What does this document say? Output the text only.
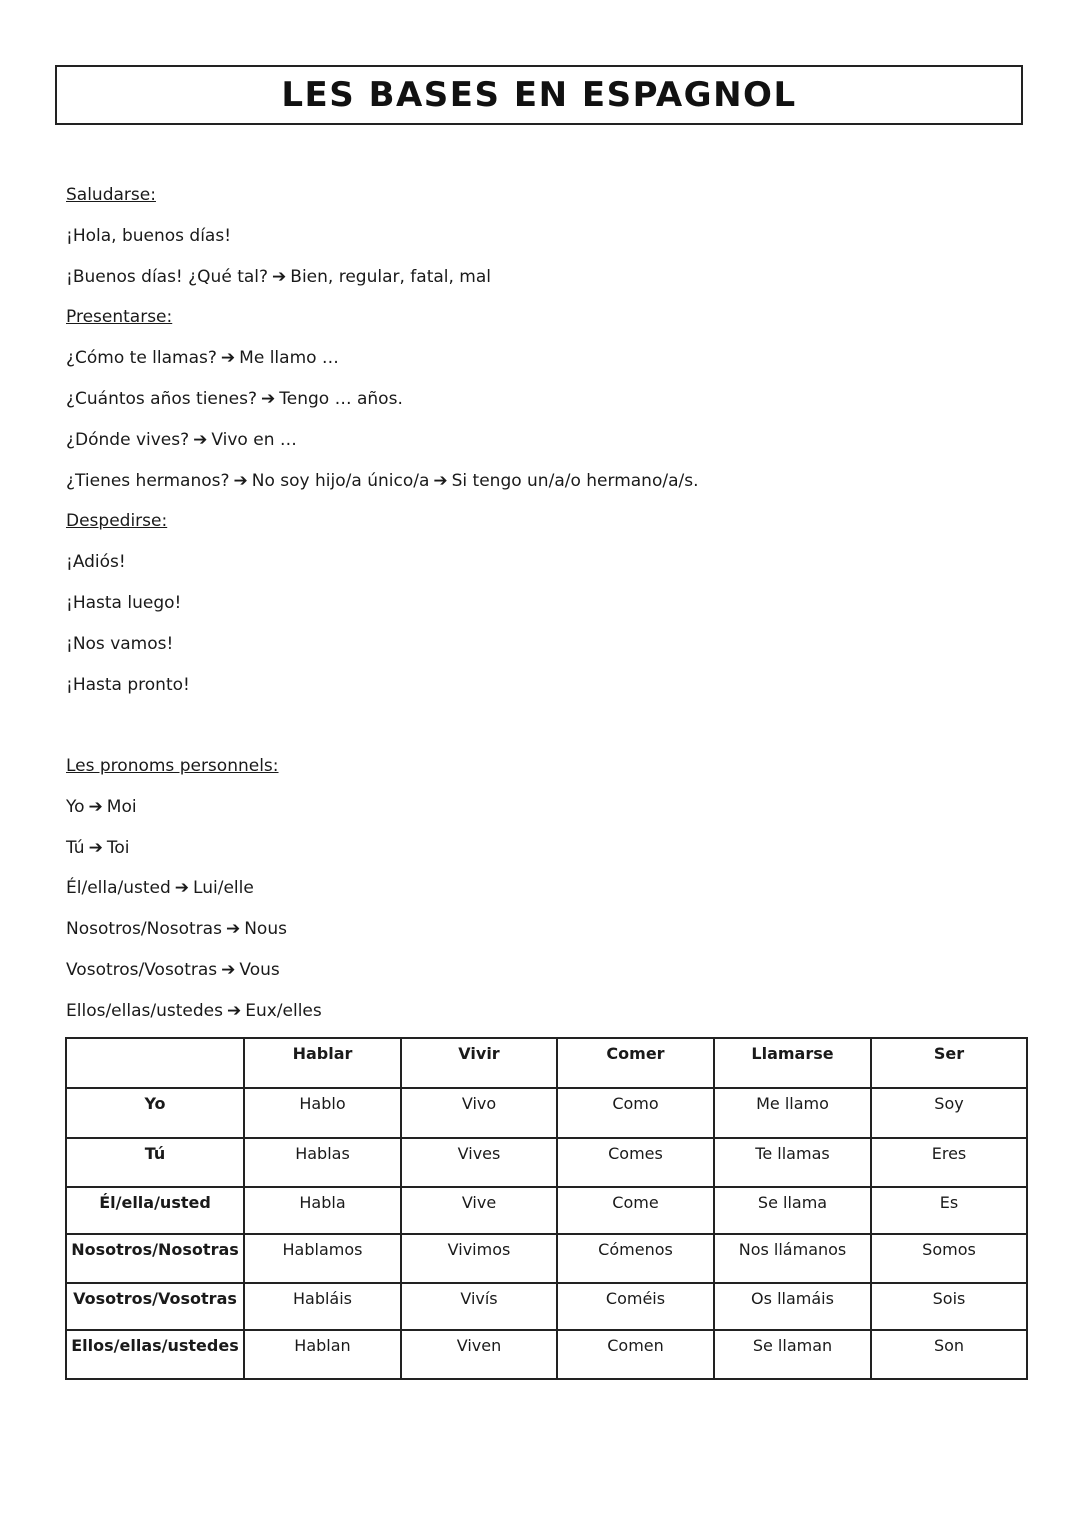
LES BASES EN ESPAGNOL
Saludarse:
¡Hola, buenos días!
¡Buenos días! ¿Qué tal? ➔ Bien, regular, fatal, mal
Presentarse:
¿Cómo te llamas? ➔ Me llamo …
¿Cuántos años tienes? ➔ Tengo … años.
¿Dónde vives? ➔ Vivo en …
¿Tienes hermanos? ➔ No soy hijo/a único/a ➔ Si tengo un/a/o hermano/a/s.
Despedirse:
¡Adiós!
¡Hasta luego!
¡Nos vamos!
¡Hasta pronto!
Les pronoms personnels:
Yo ➔ Moi
Tú ➔ Toi
Él/ella/usted ➔ Lui/elle
Nosotros/Nosotras ➔ Nous
Vosotros/Vosotras ➔ Vous
Ellos/ellas/ustedes ➔ Eux/elles
	Hablar	Vivir	Comer	Llamarse	Ser
Yo	Hablo	Vivo	Como	Me llamo	Soy
Tú	Hablas	Vives	Comes	Te llamas	Eres
Él/ella/usted	Habla	Vive	Come	Se llama	Es
Nosotros/Nosotras	Hablamos	Vivimos	Cómenos	Nos llámanos	Somos
Vosotros/Vosotras	Habláis	Vivís	Coméis	Os llamáis	Sois
Ellos/ellas/ustedes	Hablan	Viven	Comen	Se llaman	Son
